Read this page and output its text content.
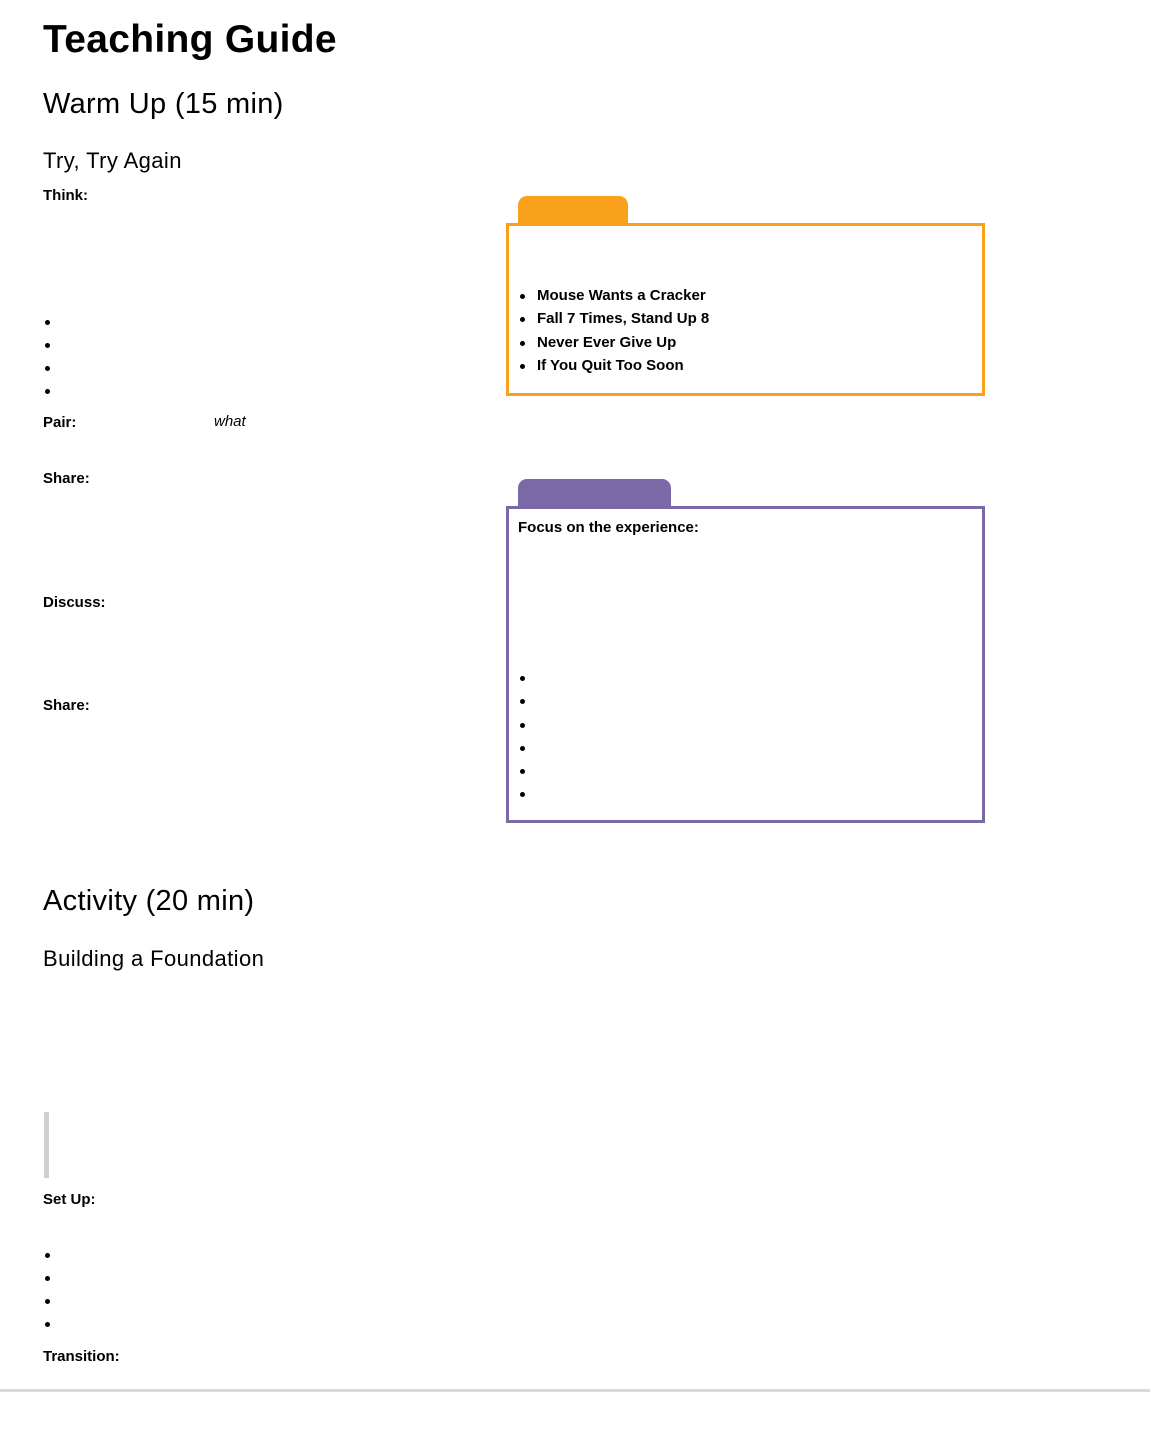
Teaching Guide
Warm Up (15 min)
Try, Try Again
Think:
Pair:	what
Share:
Discuss:
Share:
Mouse Wants a Cracker
Fall 7 Times, Stand Up 8
Never Ever Give Up
If You Quit Too Soon
Focus on the experience:
Activity (20 min)
Building a Foundation
Set Up:
Transition:
